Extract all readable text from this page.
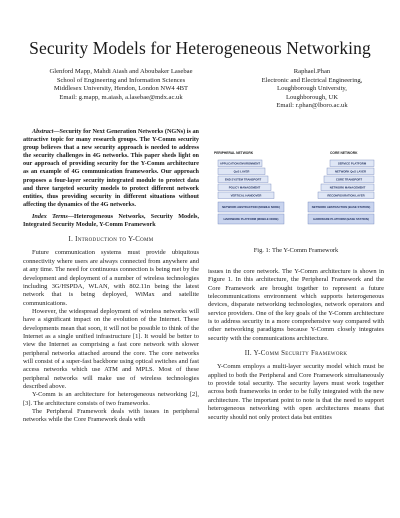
Security Models for Heterogeneous Networking
Glenford Mapp, Mahdi Aiash and Aboubaker Lasebae
School of Engineering and Information Sciences
Middlesex University, Hendon, London NW4 4BT
Email: g.mapp, m.aiash, a.lasebae@mdx.ac.uk
Raphael.Phan
Electronic and Electrical Engineering,
Loughborough University,
Loughborough, UK
Email: r.phan@lboro.ac.uk

Abstract—Security for Next Generation Networks (NGNs) is an attractive topic for many research groups. The Y-Comm security group believes that a new security approach is needed to address the security challenges in 4G networks. This paper sheds light on our approach of providing security for the Y-Comm architecture as an example of 4G communication frameworks. Our approach proposes a four-layer security integrated module to protect data and three targeted security models to protect different network entities, thus providing security in different situations without affecting the dynamics of the 4G networks.

Index Terms—Heterogeneous Networks, Security Models, Integrated Security Module, Y-Comm Framework

I. Introduction to Y-Comm

Future communication systems must provide ubiquitous connectivity where users are always connected from anywhere and at any time. The need for continuous connection is being met by the development and deployment of a number of wireless technologies including 3G/HSPDA, WLAN, with 802.11n being the latest network that is being deployed, WiMax and satellite communications.

However, the widespread deployment of wireless networks will have a significant impact on the evolution of the Internet. These developments mean that soon, it will not be possible to think of the Internet as a single unified infrastructure [1]. It would be better to view the Internet as comprising a fast core network with slower peripheral networks attached around the core. The core networks will consist of a super-fast backbone using optical switches and fast access networks which use ATM and MPLS. Most of these peripheral networks will make use of wireless technologies described above.

Y-Comm is an architecture for heterogeneous networking [2], [3]. The architecture consists of two frameworks.

The Peripheral Framework deals with issues in peripheral networks while the Core Framework deals with

PERIPHERAL NETWORK	CORE NETWORK
APPLICATION ENVIRONMENT
QoS LAYER
END SYSTEM TRANSPORT
POLICY MANAGEMENT
VERTICAL HANDOVER
NETWORK ABSTRACTION (MOBILE NODE)
HARDWARE PLATFORM (MOBILE NODE)
SERVICE PLATFORM
NETWORK QoS LAYER
CORE TRANSPORT
NETWORK MANAGEMENT
RECONFIGURATION LAYER
NETWORK ABSTRACTION (BASE STATION)
HARDWARE PLATFORM (BASE STATION)
Fig. 1: The Y-Comm Framework

issues in the core network. The Y-Comm architecture is shown in Figure 1. In this architecture, the Peripheral Framework and the Core Framework are brought together to represent a future telecommunications environment which supports heterogeneous devices, disparate networking technologies, network operators and service providers. One of the key goals of the Y-Comm architecture is to address security in a more comprehensive way compared with other networking paradigms because Y-Comm closely integrates security with the communications architecture.

II. Y-Comm Security Framework

Y-Comm employs a multi-layer security model which must be applied to both the Peripheral and Core Framework simultaneously to provide total security. The security layers must work together across both frameworks in order to be fully integrated with the new architecture. The important point to note is that the need to support heterogeneous networking with open architectures means that security should not only protect data but entities
